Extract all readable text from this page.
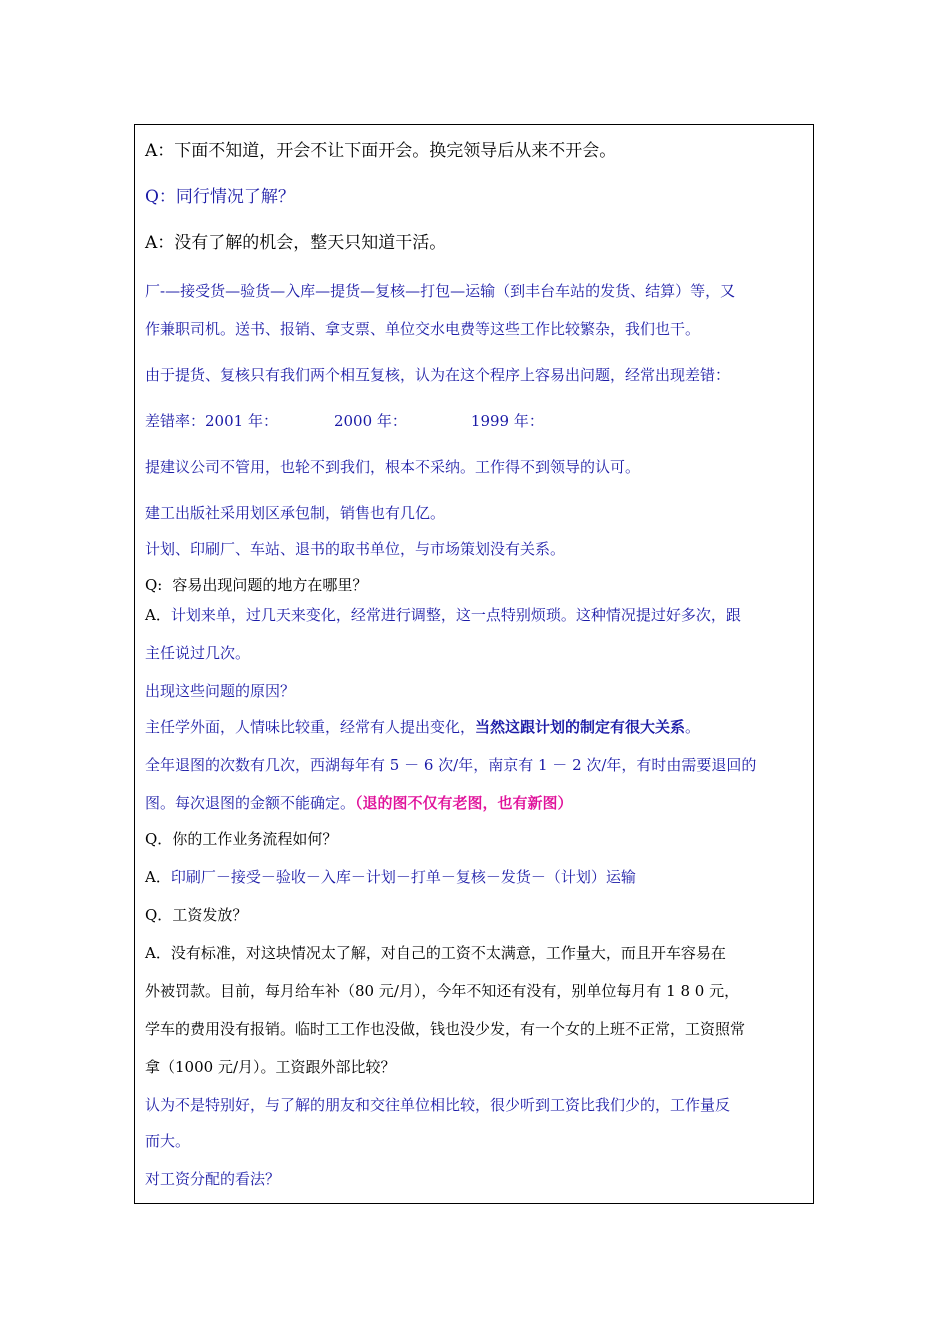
A：下面不知道，开会不让下面开会。换完领导后从来不开会。
Q：同行情况了解？
A：没有了解的机会，整天只知道干活。
厂-—接受货—验货—入库—提货—复核—打包—运输（到丰台车站的发货、结算）等，又
作兼职司机。送书、报销、拿支票、单位交水电费等这些工作比较繁杂，我们也干。
由于提货、复核只有我们两个相互复核，认为在这个程序上容易出问题，经常出现差错：
差错率：2001 年：	2000 年：	1999 年：
提建议公司不管用，也轮不到我们，根本不采纳。工作得不到领导的认可。
建工出版社采用划区承包制，销售也有几亿。
计划、印刷厂、车站、退书的取书单位，与市场策划没有关系。
Q: 容易出现问题的地方在哪里？
A．计划来单，过几天来变化，经常进行调整，这一点特别烦琐。这种情况提过好多次，跟
主任说过几次。
出现这些问题的原因？
主任学外面，人情味比较重，经常有人提出变化，当然这跟计划的制定有很大关系。
全年退图的次数有几次，西湖每年有 5 － 6 次/年，南京有 1 － 2 次/年，有时由需要退回的
图。每次退图的金额不能确定。（退的图不仅有老图，也有新图）
Q．你的工作业务流程如何？
A．印刷厂－接受－验收－入库－计划－打单－复核－发货－（计划）运输
Q．工资发放？
A．没有标准，对这块情况太了解，对自己的工资不太满意，工作量大，而且开车容易在
外被罚款。目前，每月给车补（80 元/月），今年不知还有没有，别单位每月有 1 8 0 元，
学车的费用没有报销。临时工工作也没做，钱也没少发，有一个女的上班不正常，工资照常
拿（1000 元/月）。工资跟外部比较？
认为不是特别好，与了解的朋友和交往单位相比较，很少听到工资比我们少的，工作量反
而大。
对工资分配的看法？
